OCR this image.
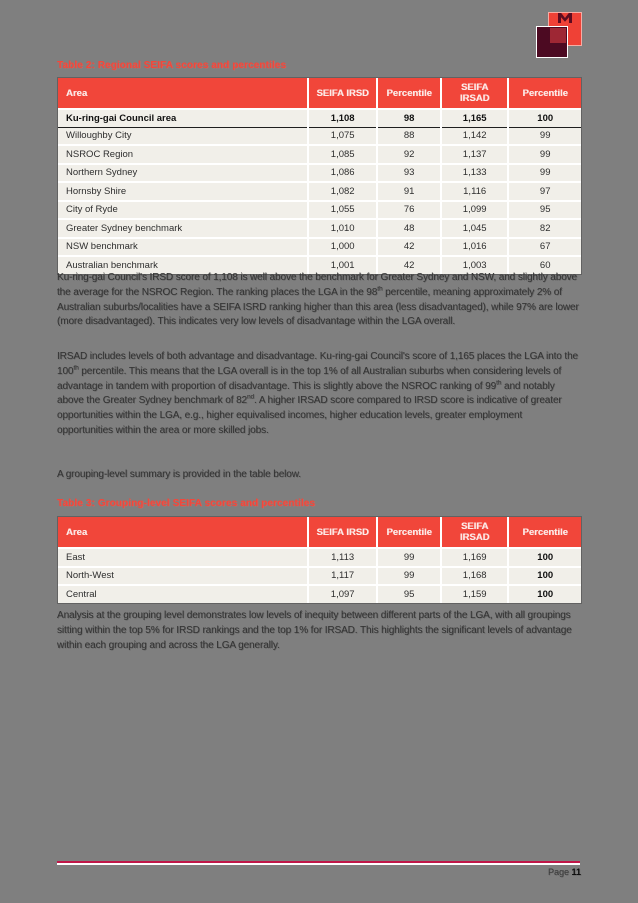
Table 2: Regional SEIFA scores and percentiles
Area	SEIFA IRSD	Percentile	SEIFA IRSAD	Percentile
Ku-ring-gai Council area	1,108	98	1,165	100
Willoughby City	1,075	88	1,142	99
NSROC Region	1,085	92	1,137	99
Northern Sydney	1,086	93	1,133	99
Hornsby Shire	1,082	91	1,116	97
City of Ryde	1,055	76	1,099	95
Greater Sydney benchmark	1,010	48	1,045	82
NSW benchmark	1,000	42	1,016	67
Australian benchmark	1,001	42	1,003	60

Ku-ring-gai Council's IRSD score of 1,108 is well above the benchmark for Greater Sydney and NSW, and slightly above the average for the NSROC Region. The ranking places the LGA in the 98th percentile, meaning approximately 2% of Australian suburbs/localities have a SEIFA ISRD ranking higher than this area (less disadvantaged), while 97% are lower (more disadvantaged). This indicates very low levels of disadvantage within the LGA overall.

IRSAD includes levels of both advantage and disadvantage. Ku-ring-gai Council's score of 1,165 places the LGA into the 100th percentile. This means that the LGA overall is in the top 1% of all Australian suburbs when considering levels of advantage in tandem with proportion of disadvantage. This is slightly above the NSROC ranking of 99th and notably above the Greater Sydney benchmark of 82nd. A higher IRSAD score compared to IRSD score is indicative of greater opportunities within the LGA, e.g., higher equivalised incomes, higher education levels, greater employment opportunities within the area or more skilled jobs.

A grouping-level summary is provided in the table below.

Table 3: Grouping-level SEIFA scores and percentiles
Area	SEIFA IRSD	Percentile	SEIFA IRSAD	Percentile
East	1,113	99	1,169	100
North-West	1,117	99	1,168	100
Central	1,097	95	1,159	100

Analysis at the grouping level demonstrates low levels of inequity between different parts of the LGA, with all groupings sitting within the top 5% for IRSD rankings and the top 1% for IRSAD. This highlights the significant levels of advantage within each grouping and across the LGA generally.

Page 11
